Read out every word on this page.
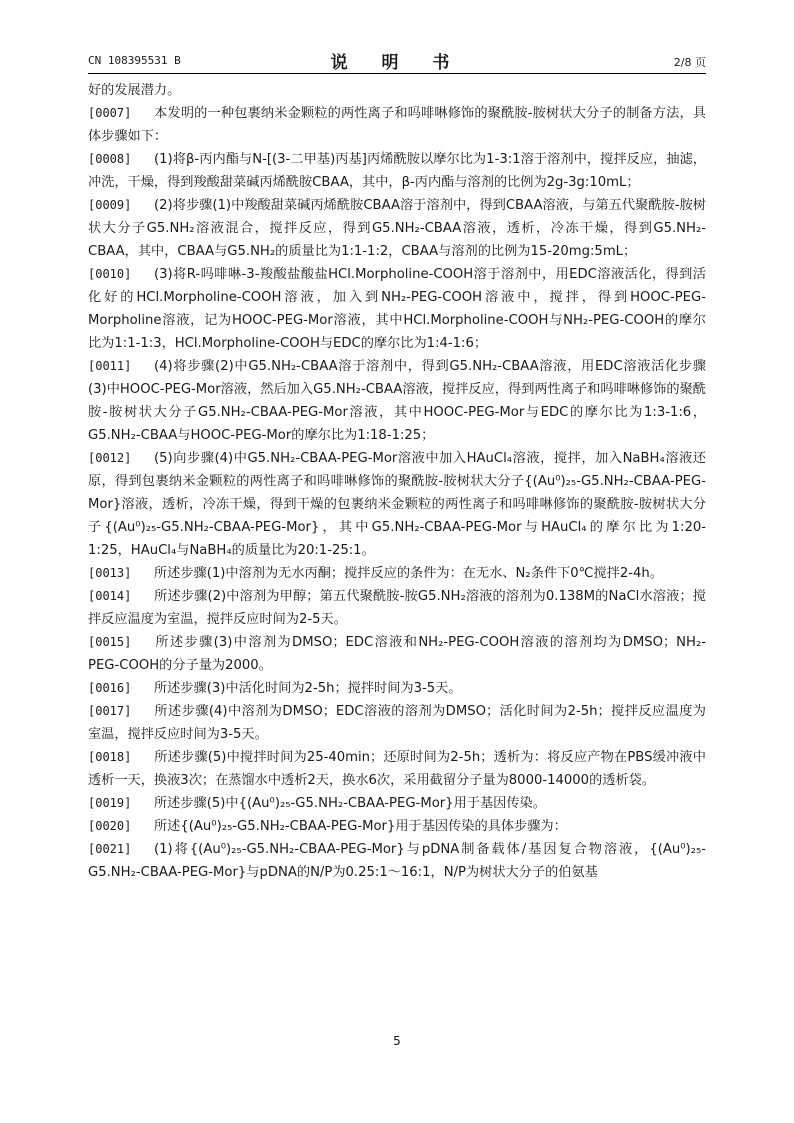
CN 108395531 B	说 明 书	2/8 页

好的发展潜力。

[0007] 本发明的一种包裹纳米金颗粒的两性离子和吗啡啉修饰的聚酰胺-胺树状大分子的制备方法，具体步骤如下：

[0008] (1)将β-丙内酯与N-[(3-二甲基)丙基]丙烯酰胺以摩尔比为1-3:1溶于溶剂中，搅拌反应，抽滤，冲洗，干燥，得到羧酸甜菜碱丙烯酰胺CBAA，其中，β-丙内酯与溶剂的比例为2g-3g:10mL；

[0009] (2)将步骤(1)中羧酸甜菜碱丙烯酰胺CBAA溶于溶剂中，得到CBAA溶液，与第五代聚酰胺-胺树状大分子G5.NH₂溶液混合，搅拌反应，得到G5.NH₂-CBAA溶液，透析，冷冻干燥，得到G5.NH₂-CBAA，其中，CBAA与G5.NH₂的质量比为1:1-1:2，CBAA与溶剂的比例为15-20mg:5mL；

[0010] (3)将R-吗啡啉-3-羧酸盐酸盐HCl.Morpholine-COOH溶于溶剂中，用EDC溶液活化，得到活化好的HCl.Morpholine-COOH溶液，加入到NH₂-PEG-COOH溶液中，搅拌，得到HOOC-PEG-Morpholine溶液，记为HOOC-PEG-Mor溶液，其中HCl.Morpholine-COOH与NH₂-PEG-COOH的摩尔比为1:1-1:3，HCl.Morpholine-COOH与EDC的摩尔比为1:4-1:6；

[0011] (4)将步骤(2)中G5.NH₂-CBAA溶于溶剂中，得到G5.NH₂-CBAA溶液，用EDC溶液活化步骤(3)中HOOC-PEG-Mor溶液，然后加入G5.NH₂-CBAA溶液，搅拌反应，得到两性离子和吗啡啉修饰的聚酰胺-胺树状大分子G5.NH₂-CBAA-PEG-Mor溶液，其中HOOC-PEG-Mor与EDC的摩尔比为1:3-1:6，G5.NH₂-CBAA与HOOC-PEG-Mor的摩尔比为1:18-1:25；

[0012] (5)向步骤(4)中G5.NH₂-CBAA-PEG-Mor溶液中加入HAuCl₄溶液，搅拌，加入NaBH₄溶液还原，得到包裹纳米金颗粒的两性离子和吗啡啉修饰的聚酰胺-胺树状大分子{(Au⁰)₂₅-G5.NH₂-CBAA-PEG-Mor}溶液，透析，冷冻干燥，得到干燥的包裹纳米金颗粒的两性离子和吗啡啉修饰的聚酰胺-胺树状大分子{(Au⁰)₂₅-G5.NH₂-CBAA-PEG-Mor}，其中G5.NH₂-CBAA-PEG-Mor与HAuCl₄的摩尔比为1:20-1:25，HAuCl₄与NaBH₄的质量比为20:1-25:1。

[0013] 所述步骤(1)中溶剂为无水丙酮；搅拌反应的条件为：在无水、N₂条件下0℃搅拌2-4h。

[0014] 所述步骤(2)中溶剂为甲醇；第五代聚酰胺-胺G5.NH₂溶液的溶剂为0.138M的NaCl水溶液；搅拌反应温度为室温，搅拌反应时间为2-5天。

[0015] 所述步骤(3)中溶剂为DMSO；EDC溶液和NH₂-PEG-COOH溶液的溶剂均为DMSO；NH₂-PEG-COOH的分子量为2000。

[0016] 所述步骤(3)中活化时间为2-5h；搅拌时间为3-5天。

[0017] 所述步骤(4)中溶剂为DMSO；EDC溶液的溶剂为DMSO；活化时间为2-5h；搅拌反应温度为室温，搅拌反应时间为3-5天。

[0018] 所述步骤(5)中搅拌时间为25-40min；还原时间为2-5h；透析为：将反应产物在PBS缓冲液中透析一天，换液3次；在蒸馏水中透析2天，换水6次，采用截留分子量为8000-14000的透析袋。

[0019] 所述步骤(5)中{(Au⁰)₂₅-G5.NH₂-CBAA-PEG-Mor}用于基因传染。

[0020] 所述{(Au⁰)₂₅-G5.NH₂-CBAA-PEG-Mor}用于基因传染的具体步骤为：

[0021] (1)将{(Au⁰)₂₅-G5.NH₂-CBAA-PEG-Mor}与pDNA制备载体/基因复合物溶液，{(Au⁰)₂₅-G5.NH₂-CBAA-PEG-Mor}与pDNA的N/P为0.25:1～16:1，N/P为树状大分子的伯氨基

5
